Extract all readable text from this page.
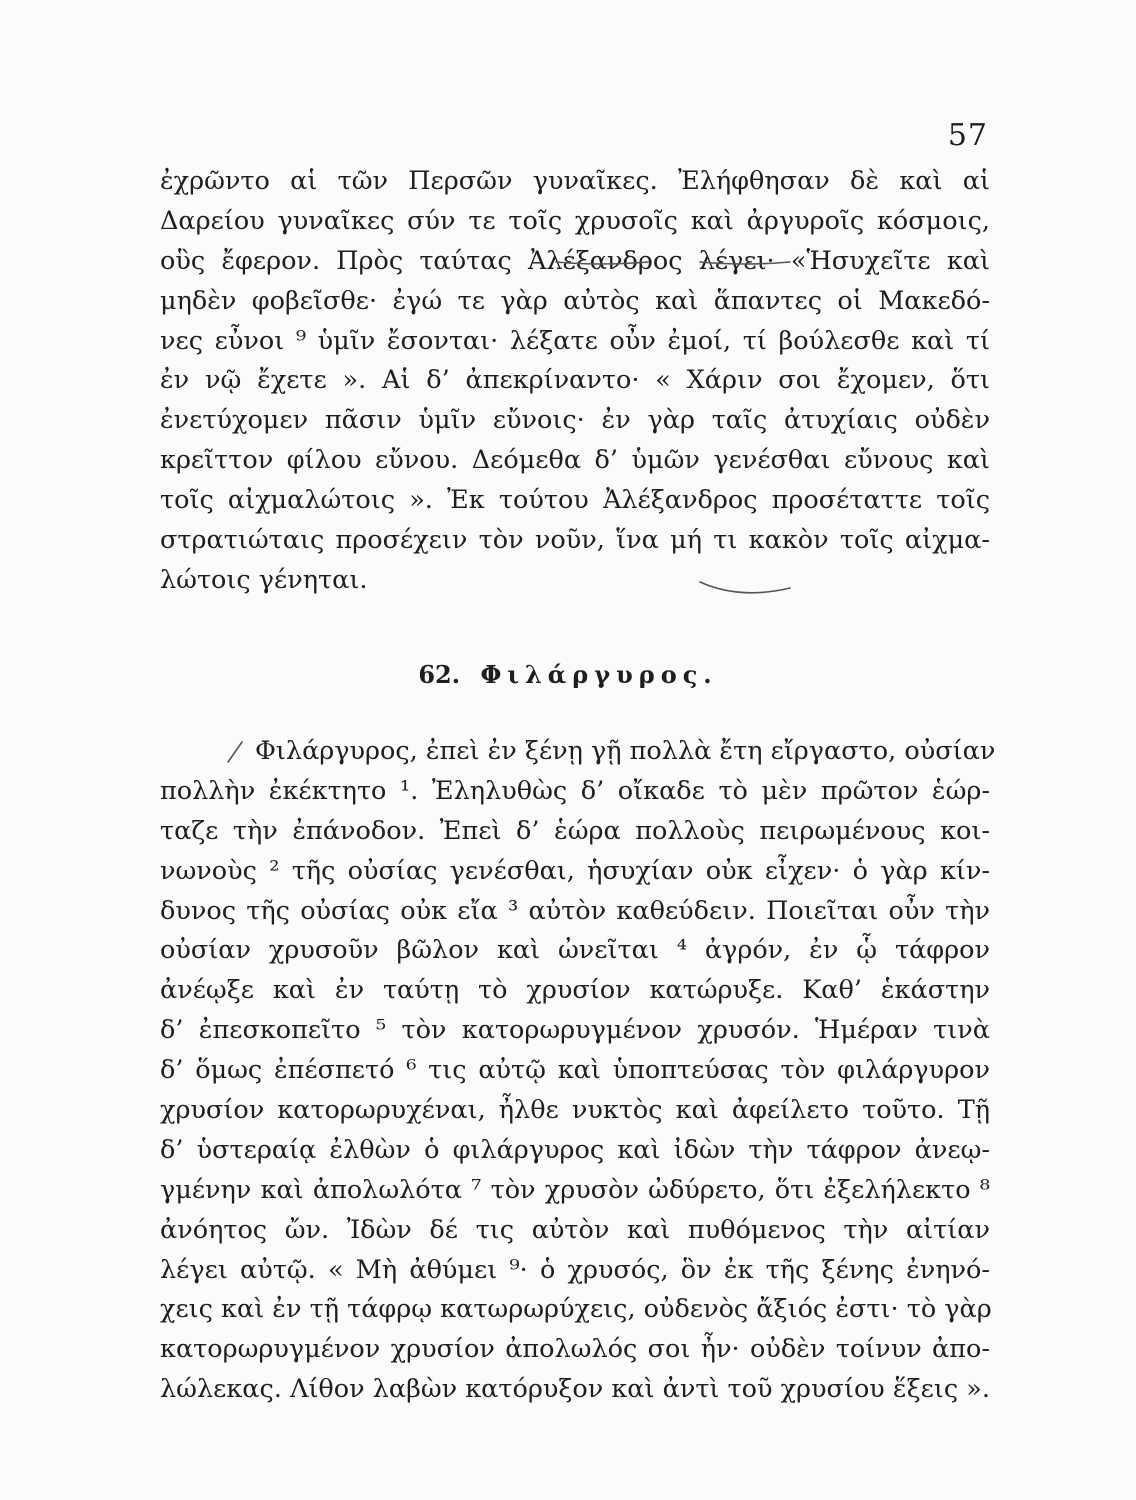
57
ἐχρῶντο αἱ τῶν Περσῶν γυναῖκες. Ἐλήφθησαν δὲ καὶ αἱ
Δαρείου γυναῖκες σύν τε τοῖς χρυσοῖς καὶ ἀργυροῖς κόσμοις,
οὓς ἔφερον. Πρὸς ταύτας Ἀλέξανδρος λέγει· «Ἡσυχεῖτε καὶ
μηδὲν φοβεῖσθε· ἐγώ τε γὰρ αὐτὸς καὶ ἅπαντες οἱ Μακεδό-
νες εὖνοι ⁹ ὑμῖν ἔσονται· λέξατε οὖν ἐμοί, τί βούλεσθε καὶ τί
ἐν νῷ ἔχετε ». Αἱ δ’ ἀπεκρίναντο· « Χάριν σοι ἔχομεν, ὅτι
ἐνετύχομεν πᾶσιν ὑμῖν εὔνοις· ἐν γὰρ ταῖς ἀτυχίαις οὐδὲν
κρεῖττον φίλου εὔνου. Δεόμεθα δ’ ὑμῶν γενέσθαι εὔνους καὶ
τοῖς αἰχμαλώτοις ». Ἐκ τούτου Ἀλέξανδρος προσέταττε τοῖς
στρατιώταις προσέχειν τὸν νοῦν, ἵνα μή τι κακὸν τοῖς αἰχμα-
λώτοις γένηται.
62. Φιλάργυρος.
Φιλάργυρος, ἐπεὶ ἐν ξένῃ γῇ πολλὰ ἔτη εἴργαστο, οὐσίαν
πολλὴν ἐκέκτητο ¹. Ἐληλυθὼς δ’ οἴκαδε τὸ μὲν πρῶτον ἑώρ-
ταζε τὴν ἐπάνοδον. Ἐπεὶ δ’ ἑώρα πολλοὺς πειρωμένους κοι-
νωνοὺς ² τῆς οὐσίας γενέσθαι, ἡσυχίαν οὐκ εἶχεν· ὁ γὰρ κίν-
δυνος τῆς οὐσίας οὐκ εἴα ³ αὐτὸν καθεύδειν. Ποιεῖται οὖν τὴν
οὐσίαν χρυσοῦν βῶλον καὶ ὠνεῖται ⁴ ἀγρόν, ἐν ᾧ τάφρον
ἀνέῳξε καὶ ἐν ταύτῃ τὸ χρυσίον κατώρυξε. Καθ’ ἑκάστην
δ’ ἐπεσκοπεῖτο ⁵ τὸν κατορωρυγμένον χρυσόν. Ἡμέραν τινὰ
δ’ ὅμως ἐπέσπετό ⁶ τις αὐτῷ καὶ ὑποπτεύσας τὸν φιλάργυρον
χρυσίον κατορωρυχέναι, ἦλθε νυκτὸς καὶ ἀφείλετο τοῦτο. Τῇ
δ’ ὑστεραίᾳ ἐλθὼν ὁ φιλάργυρος καὶ ἰδὼν τὴν τάφρον ἀνεῳ-
γμένην καὶ ἀπολωλότα ⁷ τὸν χρυσὸν ὠδύρετο, ὅτι ἐξελήλεκτο ⁸
ἀνόητος ὤν. Ἰδὼν δέ τις αὐτὸν καὶ πυθόμενος τὴν αἰτίαν
λέγει αὐτῷ. « Μὴ ἀθύμει ⁹· ὁ χρυσός, ὃν ἐκ τῆς ξένης ἐνηνό-
χεις καὶ ἐν τῇ τάφρῳ κατωρωρύχεις, οὐδενὸς ἄξιός ἐστι· τὸ γὰρ
κατορωρυγμένον χρυσίον ἀπολωλός σοι ἦν· οὐδὲν τοίνυν ἀπο-
λώλεκας. Λίθον λαβὼν κατόρυξον καὶ ἀντὶ τοῦ χρυσίου ἕξεις ».
